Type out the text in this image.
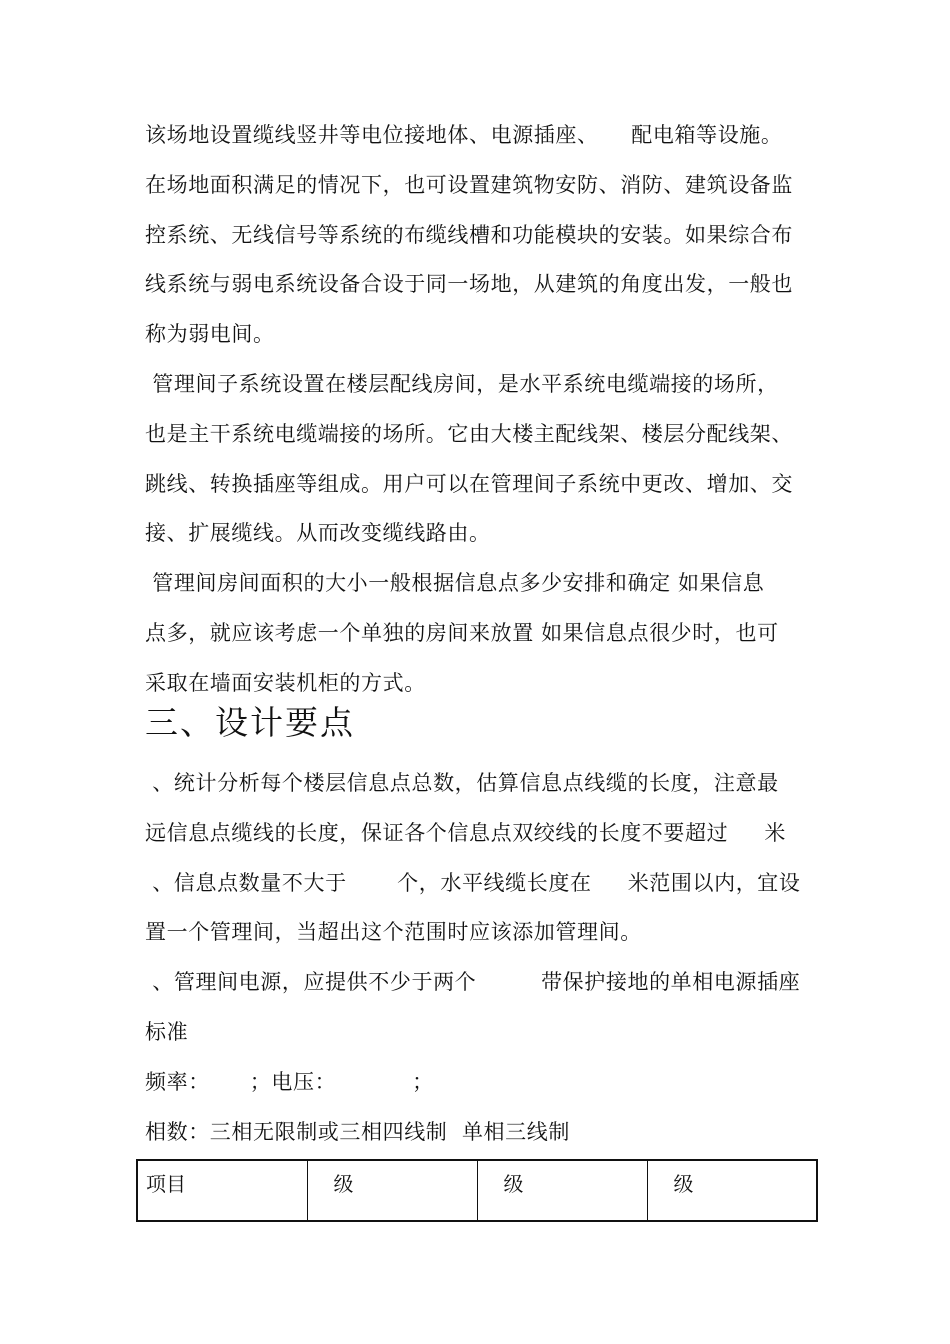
该场地设置缆线竖井等电位接地体、电源插座、　　配电箱等设施。

在场地面积满足的情况下，也可设置建筑物安防、消防、建筑设备监

控系统、无线信号等系统的布缆线槽和功能模块的安装。如果综合布

线系统与弱电系统设备合设于同一场地，从建筑的角度出发，一般也

称为弱电间。

管理间子系统设置在楼层配线房间，是水平系统电缆端接的场所，

也是主干系统电缆端接的场所。它由大楼主配线架、楼层分配线架、

跳线、转换插座等组成。用户可以在管理间子系统中更改、增加、交

接、扩展缆线。从而改变缆线路由。

管理间房间面积的大小一般根据信息点多少安排和确定 如果信息

点多，就应该考虑一个单独的房间来放置 如果信息点很少时，也可

采取在墙面安装机柜的方式。

三、设计要点

、统计分析每个楼层信息点总数，估算信息点线缆的长度，注意最

远信息点缆线的长度，保证各个信息点双绞线的长度不要超过　  米

、信息点数量不大于　　 个，水平线缆长度在　  米范围以内，宜设

置一个管理间，当超出这个范围时应该添加管理间。

、管理间电源，应提供不少于两个　　　带保护接地的单相电源插座

标准

频率：　　 ；电压：　　　　；

相数：三相无限制或三相四线制  单相三线制

项目	级	级	级
